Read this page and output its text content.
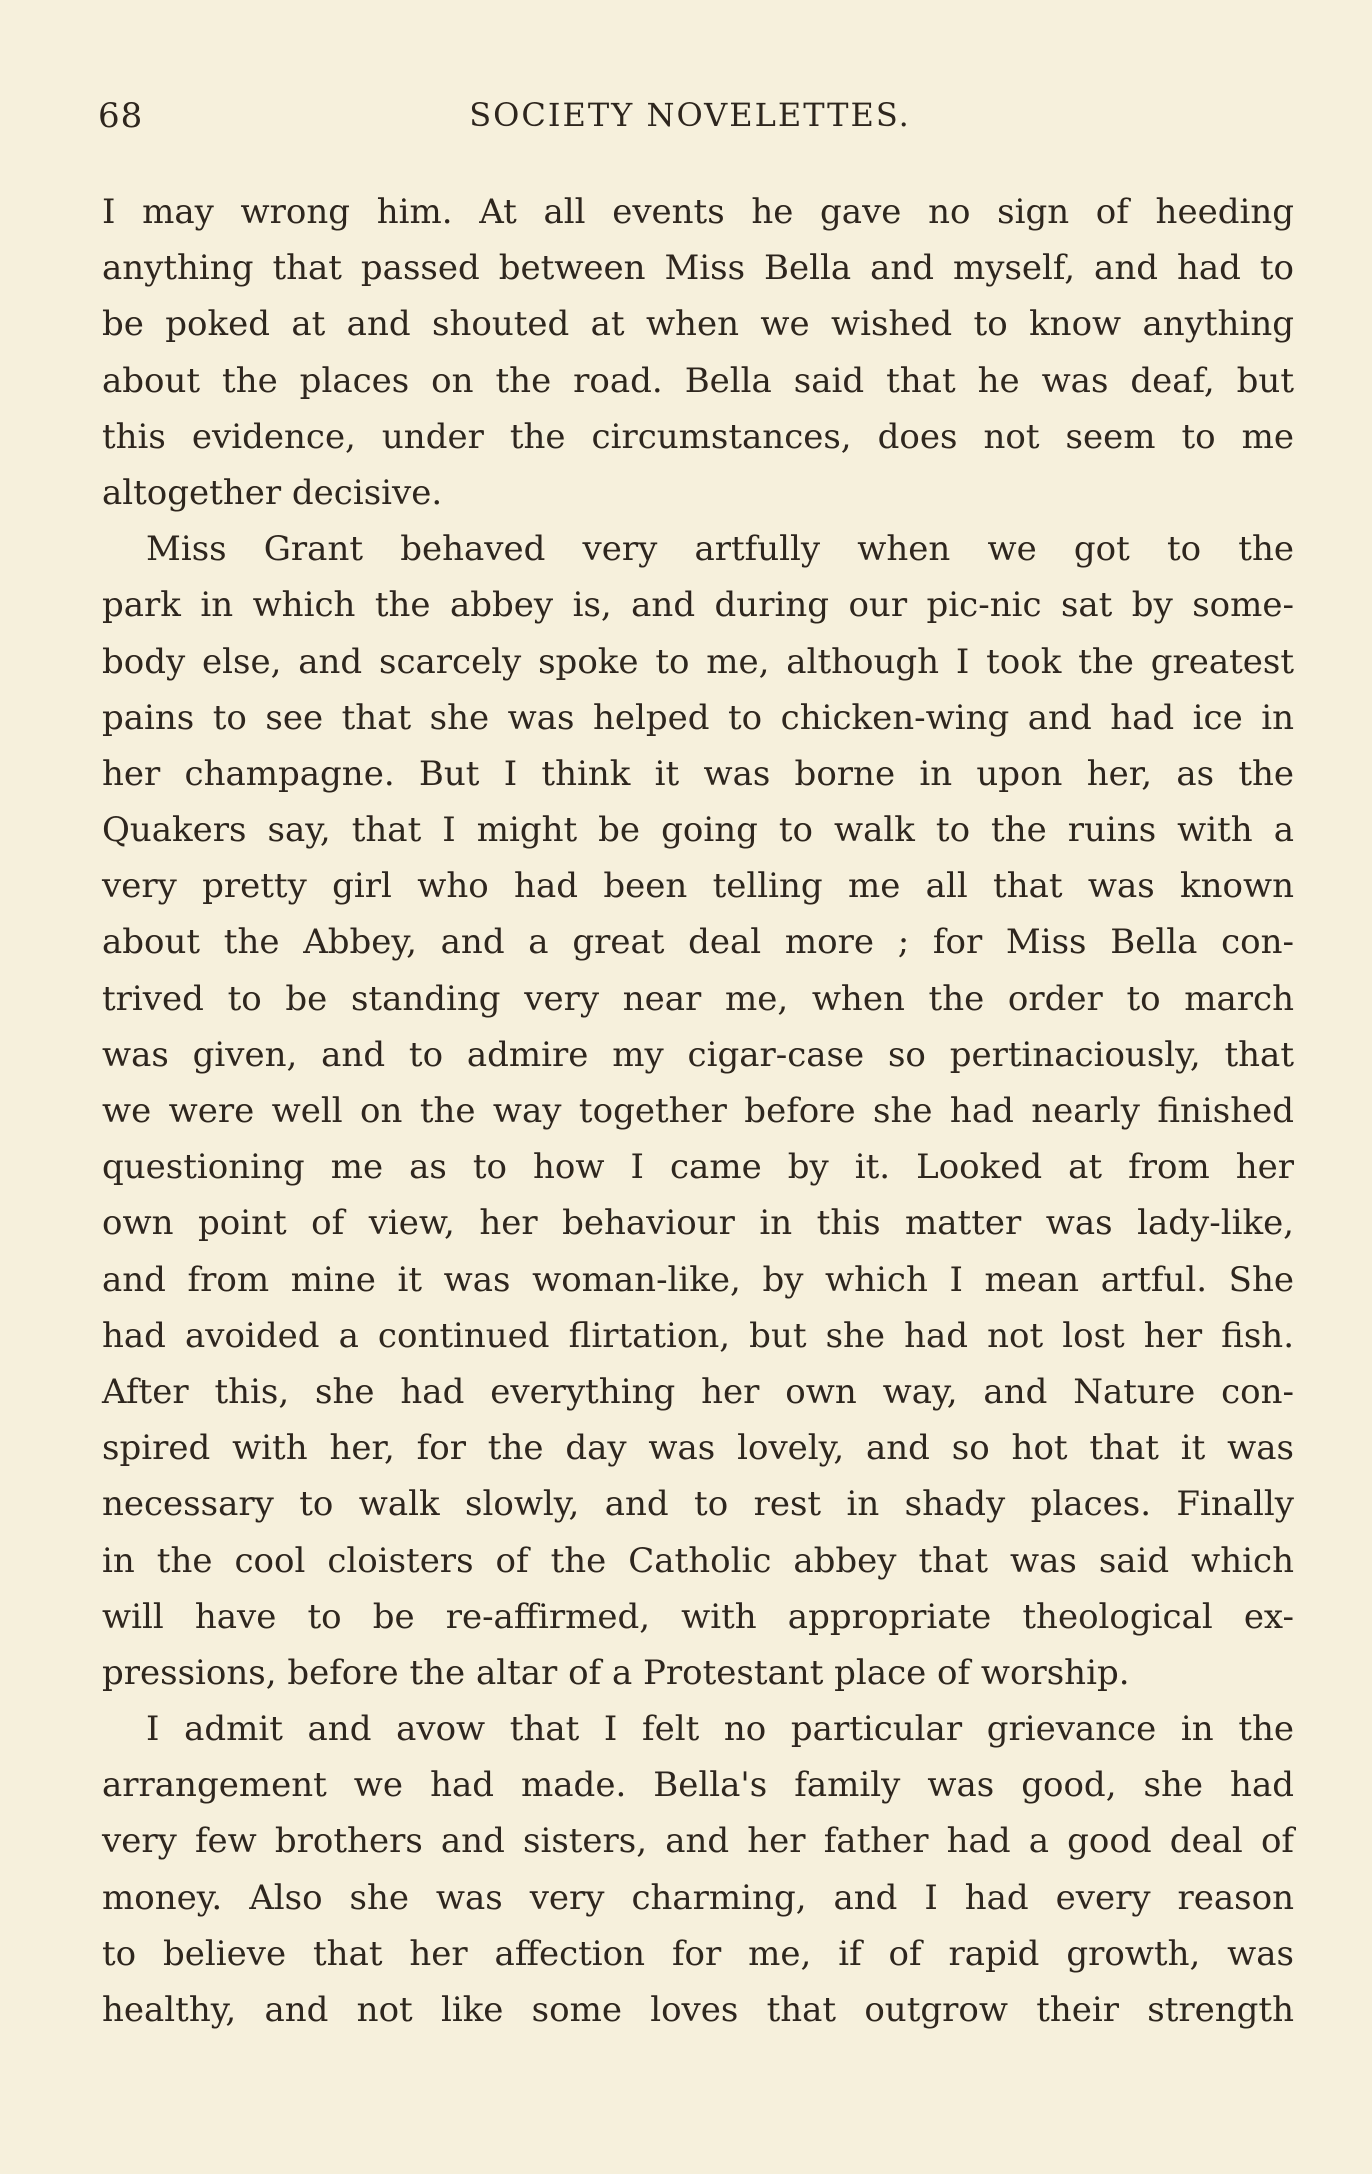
68	SOCIETY NOVELETTES.
I may wrong him. At all events he gave no sign of heeding
anything that passed between Miss Bella and myself, and had to
be poked at and shouted at when we wished to know anything
about the places on the road. Bella said that he was deaf, but
this evidence, under the circumstances, does not seem to me
altogether decisive.
Miss Grant behaved very artfully when we got to the
park in which the abbey is, and during our pic-nic sat by some-
body else, and scarcely spoke to me, although I took the greatest
pains to see that she was helped to chicken-wing and had ice in
her champagne. But I think it was borne in upon her, as the
Quakers say, that I might be going to walk to the ruins with a
very pretty girl who had been telling me all that was known
about the Abbey, and a great deal more ; for Miss Bella con-
trived to be standing very near me, when the order to march
was given, and to admire my cigar-case so pertinaciously, that
we were well on the way together before she had nearly finished
questioning me as to how I came by it. Looked at from her
own point of view, her behaviour in this matter was lady-like,
and from mine it was woman-like, by which I mean artful. She
had avoided a continued flirtation, but she had not lost her fish.
After this, she had everything her own way, and Nature con-
spired with her, for the day was lovely, and so hot that it was
necessary to walk slowly, and to rest in shady places. Finally
in the cool cloisters of the Catholic abbey that was said which
will have to be re-affirmed, with appropriate theological ex-
pressions, before the altar of a Protestant place of worship.
I admit and avow that I felt no particular grievance in the
arrangement we had made. Bella's family was good, she had
very few brothers and sisters, and her father had a good deal of
money. Also she was very charming, and I had every reason
to believe that her affection for me, if of rapid growth, was
healthy, and not like some loves that outgrow their strength
